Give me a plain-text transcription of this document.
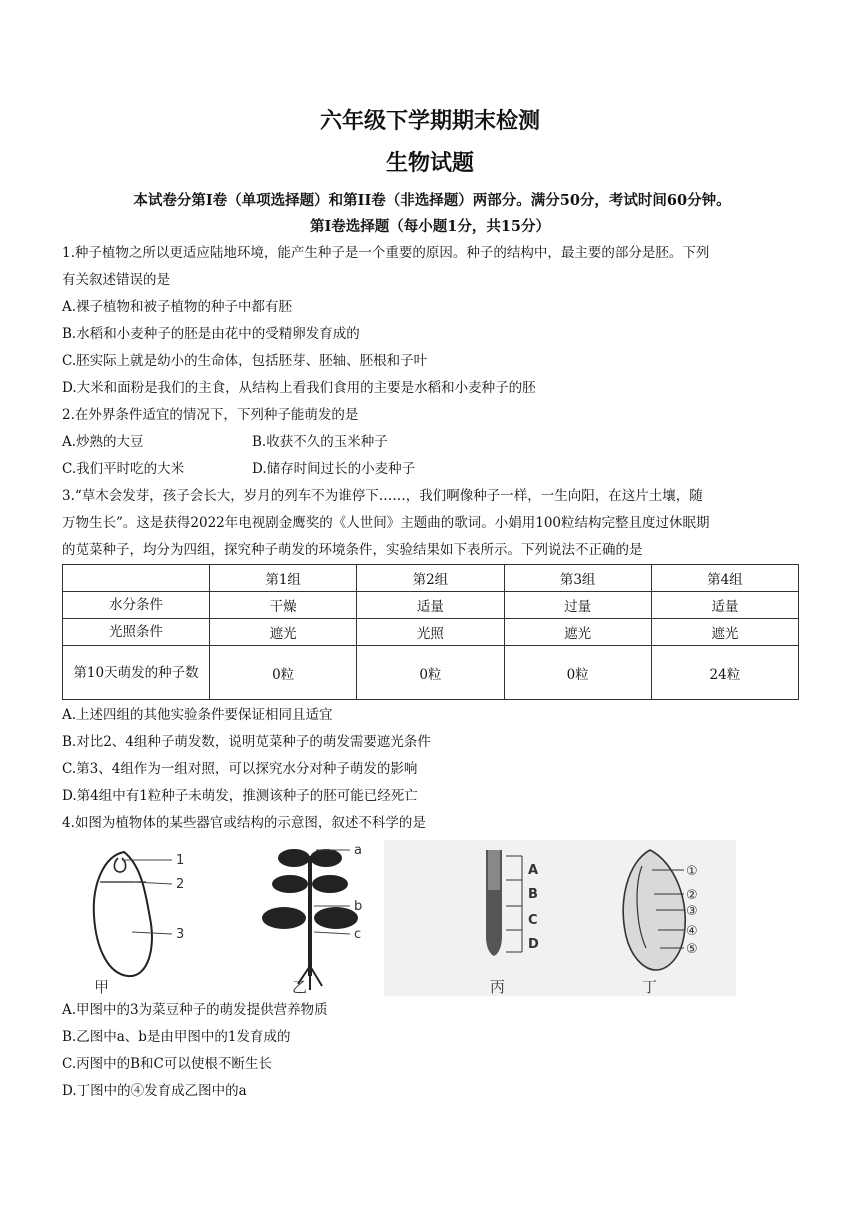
六年级下学期期末检测
生物试题
本试卷分第Ⅰ卷（单项选择题）和第II卷（非选择题）两部分。满分50分，考试时间60分钟。
第Ⅰ卷选择题（每小题1分，共15分）
1.种子植物之所以更适应陆地环境，能产生种子是一个重要的原因。种子的结构中，最主要的部分是胚。下列
有关叙述错误的是
A.裸子植物和被子植物的种子中都有胚
B.水稻和小麦种子的胚是由花中的受精卵发育成的
C.胚实际上就是幼小的生命体，包括胚芽、胚轴、胚根和子叶
D.大米和面粉是我们的主食，从结构上看我们食用的主要是水稻和小麦种子的胚
2.在外界条件适宜的情况下，下列种子能萌发的是
A.炒熟的大豆	B.收获不久的玉米种子
C.我们平时吃的大米	D.储存时间过长的小麦种子
3.“草木会发芽，孩子会长大，岁月的列车不为谁停下……，我们啊像种子一样，一生向阳，在这片土壤，随
万物生长”。这是获得2022年电视剧金鹰奖的《人世间》主题曲的歌词。小娟用100粒结构完整且度过休眠期
的苋菜种子，均分为四组，探究种子萌发的环境条件，实验结果如下表所示。下列说法不正确的是
	第1组	第2组	第3组	第4组
水分条件	干燥	适量	过量	适量
光照条件	遮光	光照	遮光	遮光
第10天萌发的种子数	0粒	0粒	0粒	24粒
A.上述四组的其他实验条件要保证相同且适宜
B.对比2、4组种子萌发数，说明苋菜种子的萌发需要遮光条件
C.第3、4组作为一组对照，可以探究水分对种子萌发的影响
D.第4组中有1粒种子未萌发，推测该种子的胚可能已经死亡
4.如图为植物体的某些器官或结构的示意图，叙述不科学的是
1
2
3
甲
a
b
c
乙
A
B
C
D
丙
①
②
③
④
⑤
丁
A.甲图中的3为菜豆种子的萌发提供营养物质
B.乙图中a、b是由甲图中的1发育成的
C.丙图中的B和C可以使根不断生长
D.丁图中的④发育成乙图中的a
